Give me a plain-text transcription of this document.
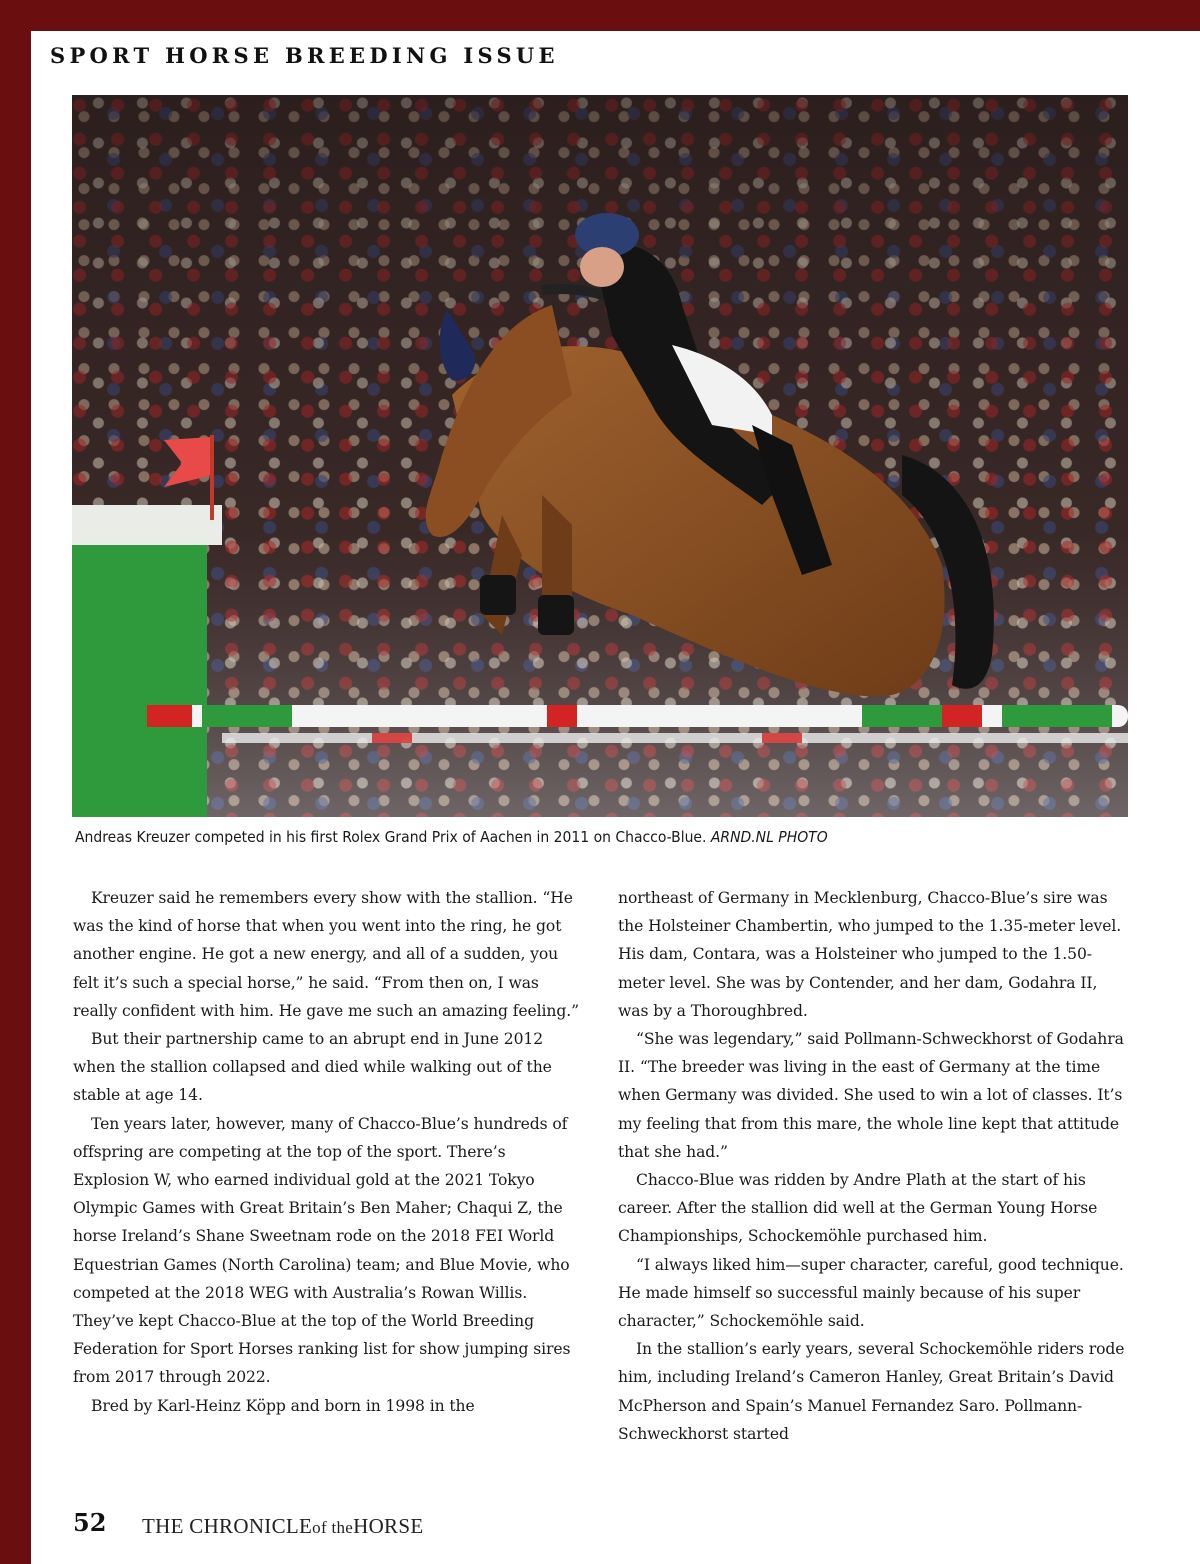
SPORT HORSE BREEDING ISSUE
Andreas Kreuzer competed in his first Rolex Grand Prix of Aachen in 2011 on Chacco-Blue. ARND.NL PHOTO

Kreuzer said he remembers every show with the stallion. “He was the kind of horse that when you went into the ring, he got another engine. He got a new energy, and all of a sudden, you felt it’s such a special horse,” he said. “From then on, I was really confident with him. He gave me such an amazing feeling.”

But their partnership came to an abrupt end in June 2012 when the stallion collapsed and died while walking out of the stable at age 14.

Ten years later, however, many of Chacco-Blue’s hundreds of offspring are competing at the top of the sport. There’s Explosion W, who earned individual gold at the 2021 Tokyo Olympic Games with Great Britain’s Ben Maher; Chaqui Z, the horse Ireland’s Shane Sweetnam rode on the 2018 FEI World Equestrian Games (North Carolina) team; and Blue Movie, who competed at the 2018 WEG with Australia’s Rowan Willis. They’ve kept Chacco-Blue at the top of the World Breeding Federation for Sport Horses ranking list for show jumping sires from 2017 through 2022.

Bred by Karl-Heinz Köpp and born in 1998 in the

northeast of Germany in Mecklenburg, Chacco-Blue’s sire was the Holsteiner Chambertin, who jumped to the 1.35-meter level. His dam, Contara, was a Holsteiner who jumped to the 1.50-meter level. She was by Contender, and her dam, Godahra II, was by a Thoroughbred.

“She was legendary,” said Pollmann-Schweckhorst of Godahra II. “The breeder was living in the east of Germany at the time when Germany was divided. She used to win a lot of classes. It’s my feeling that from this mare, the whole line kept that attitude that she had.”

Chacco-Blue was ridden by Andre Plath at the start of his career. After the stallion did well at the German Young Horse Championships, Schockemöhle purchased him.

“I always liked him—super character, careful, good technique. He made himself so successful mainly because of his super character,” Schockemöhle said.

In the stallion’s early years, several Schockemöhle riders rode him, including Ireland’s Cameron Hanley, Great Britain’s David McPherson and Spain’s Manuel Fernandez Saro. Pollmann-Schweckhorst started

52 THE CHRONICLEof theHORSE
